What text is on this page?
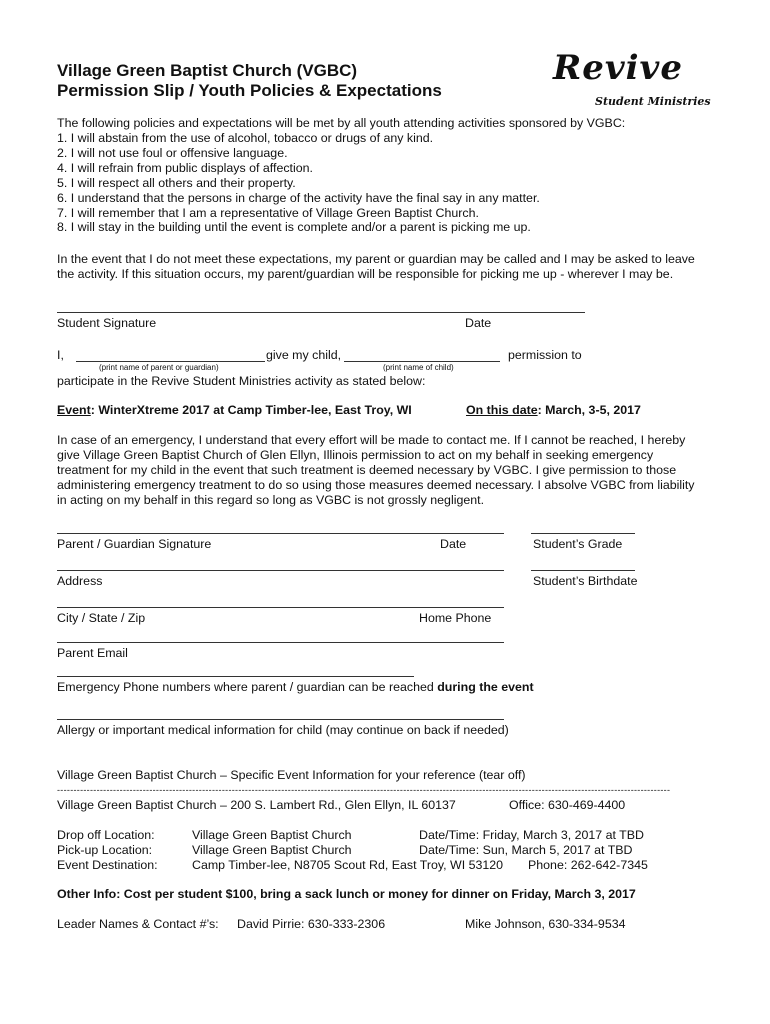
Village Green Baptist Church (VGBC)
Permission Slip / Youth Policies & Expectations
Revive
Student Ministries
The following policies and expectations will be met by all youth attending activities sponsored by VGBC:
1. I will abstain from the use of alcohol, tobacco or drugs of any kind.
2. I will not use foul or offensive language.
4. I will refrain from public displays of affection.
5. I will respect all others and their property.
6. I understand that the persons in charge of the activity have the final say in any matter.
7. I will remember that I am a representative of Village Green Baptist Church.
8. I will stay in the building until the event is complete and/or a parent is picking me up.
In the event that I do not meet these expectations, my parent or guardian may be called and I may be asked to leave
the activity. If this situation occurs, my parent/guardian will be responsible for picking me up - wherever I may be.
Student Signature	Date
I,	give my child,	permission to
(print name of parent or guardian)	(print name of child)
participate in the Revive Student Ministries activity as stated below:
Event: WinterXtreme 2017 at Camp Timber-lee, East Troy, WI	On this date: March, 3-5, 2017
In case of an emergency, I understand that every effort will be made to contact me. If I cannot be reached, I hereby
give Village Green Baptist Church of Glen Ellyn, Illinois permission to act on my behalf in seeking emergency
treatment for my child in the event that such treatment is deemed necessary by VGBC. I give permission to those
administering emergency treatment to do so using those measures deemed necessary. I absolve VGBC from liability
in acting on my behalf in this regard so long as VGBC is not grossly negligent.
Parent / Guardian Signature	Date	Student’s Grade
Address	Student’s Birthdate
City / State / Zip	Home Phone
Parent Email
Emergency Phone numbers where parent / guardian can be reached during the event
Allergy or important medical information for child (may continue on back if needed)
Village Green Baptist Church – Specific Event Information for your reference (tear off)
------------------------------------------------------------------------------------------------------------------------------------------------------------------------------------------
Village Green Baptist Church – 200 S. Lambert Rd., Glen Ellyn, IL 60137	Office: 630-469-4400
Drop off Location:	Village Green Baptist Church	Date/Time: Friday, March 3, 2017 at TBD
Pick-up Location:	Village Green Baptist Church	Date/Time: Sun, March 5, 2017 at TBD
Event Destination:	Camp Timber-lee, N8705 Scout Rd, East Troy, WI 53120 Phone: 262-642-7345
Other Info: Cost per student $100, bring a sack lunch or money for dinner on Friday, March 3, 2017
Leader Names & Contact #’s: David Pirrie: 630-333-2306	Mike Johnson, 630-334-9534
